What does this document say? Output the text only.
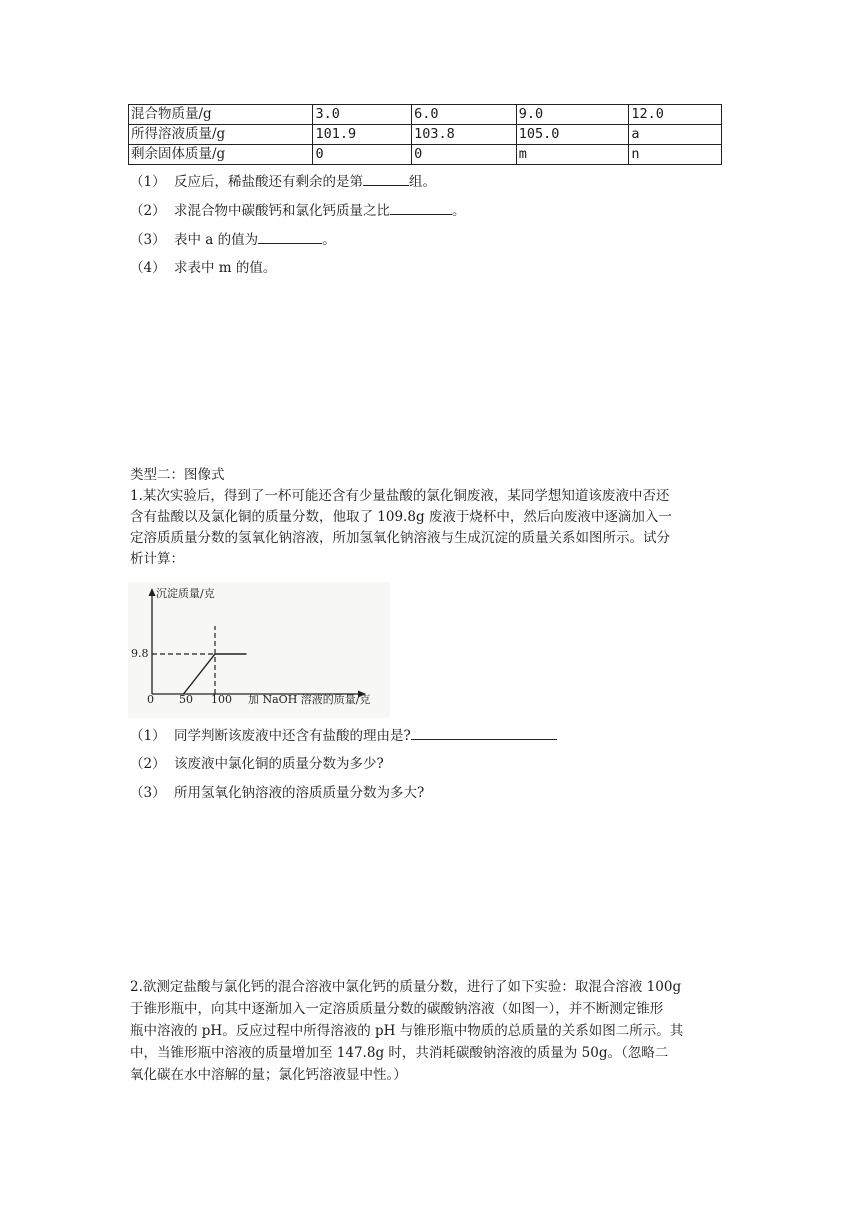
混合物质量/g	3.0	6.0	9.0	12.0
所得溶液质量/g	101.9	103.8	105.0	a
剩余固体质量/g	0	0	m	n
（1） 反应后，稀盐酸还有剩余的是第	组。
（2） 求混合物中碳酸钙和氯化钙质量之比	。
（3） 表中 a 的值为	。
（4） 求表中 m 的值。

类型二：图像式

1.某次实验后，得到了一杯可能还含有少量盐酸的氯化铜废液，某同学想知道该废液中否还

含有盐酸以及氯化铜的质量分数，他取了 109.8g 废液于烧杯中，然后向废液中逐滴加入一

定溶质质量分数的氢氧化钠溶液，所加氢氧化钠溶液与生成沉淀的质量关系如图所示。试分

析计算：

沉淀质量/克
加 NaOH 溶液的质量/克
9.8
0 50 100
（1） 同学判断该废液中还含有盐酸的理由是?
（2） 该废液中氯化铜的质量分数为多少?
（3） 所用氢氧化钠溶液的溶质质量分数为多大?

2.欲测定盐酸与氯化钙的混合溶液中氯化钙的质量分数，进行了如下实验：取混合溶液 100g

于锥形瓶中，向其中逐渐加入一定溶质质量分数的碳酸钠溶液（如图一），并不断测定锥形

瓶中溶液的 pH。反应过程中所得溶液的 pH 与锥形瓶中物质的总质量的关系如图二所示。其

中，当锥形瓶中溶液的质量增加至 147.8g 时，共消耗碳酸钠溶液的质量为 50g。（忽略二

氧化碳在水中溶解的量；氯化钙溶液显中性。）
